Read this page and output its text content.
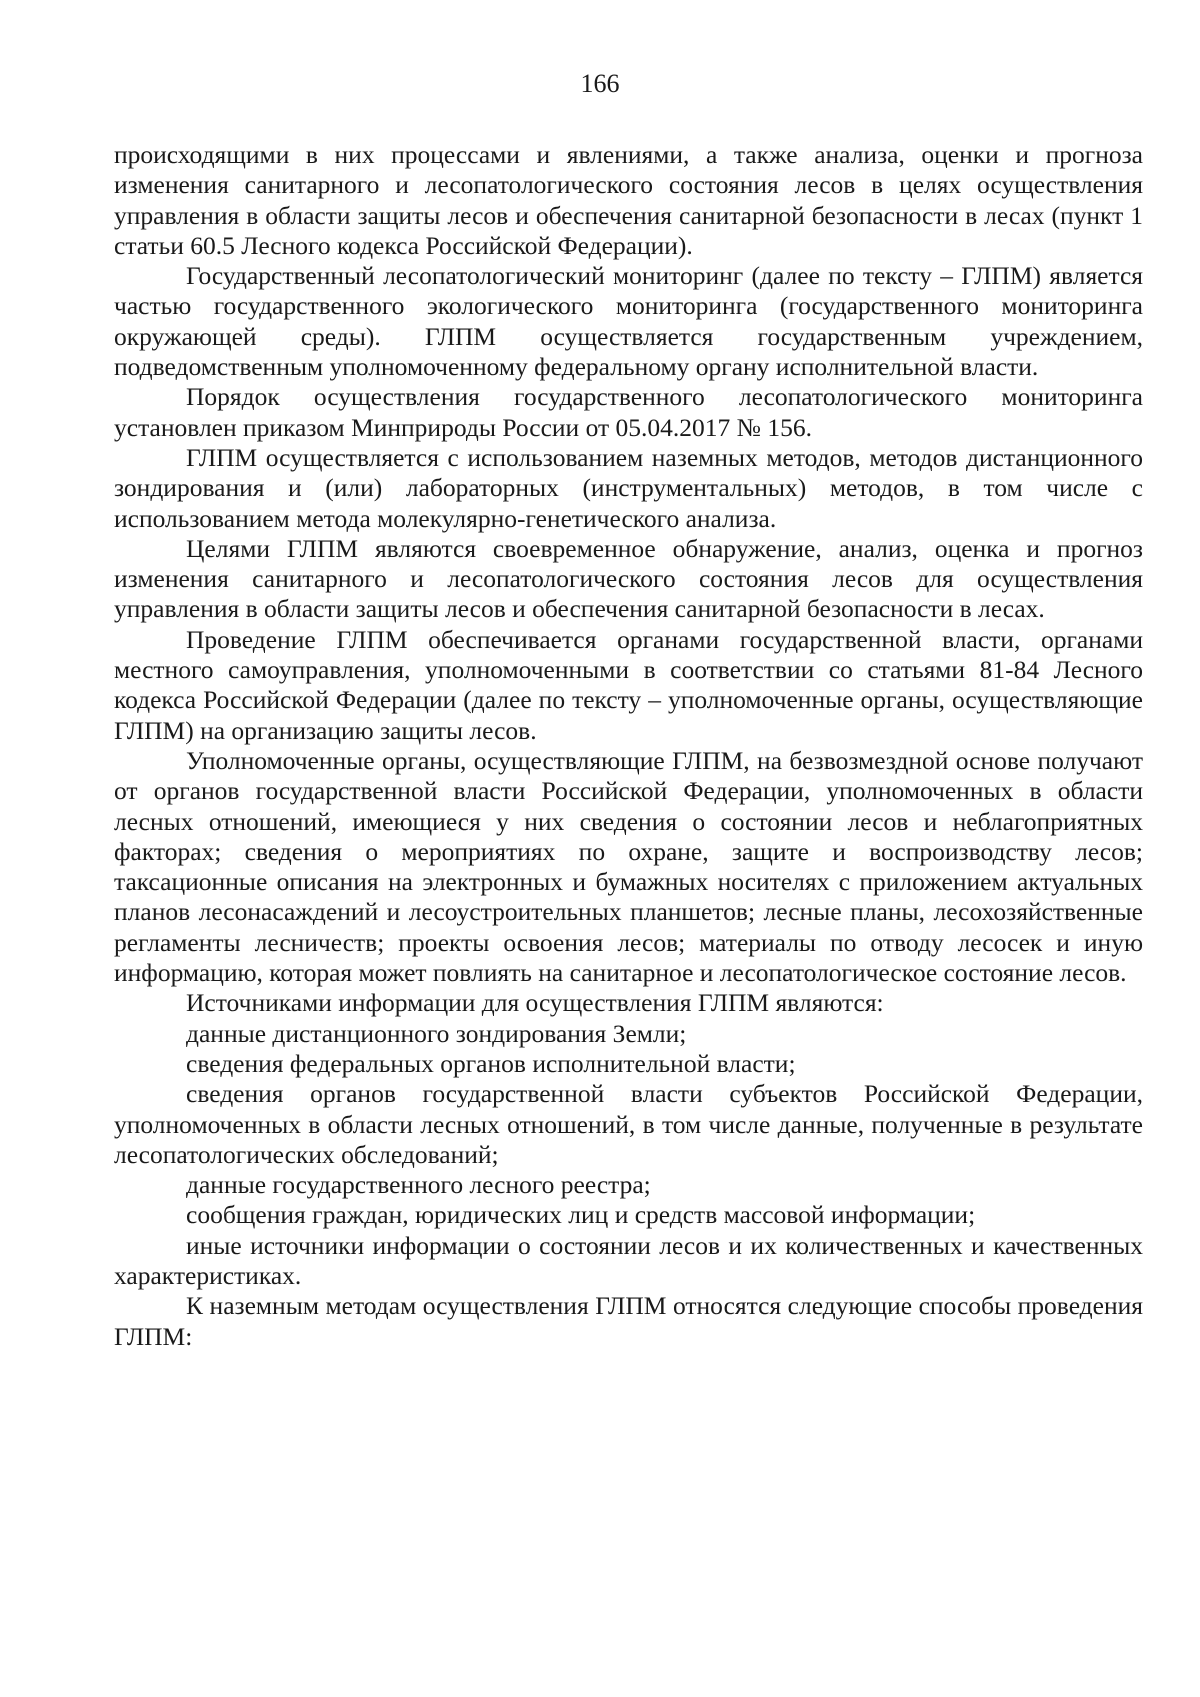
166

происходящими в них процессами и явлениями, а также анализа, оценки и прогноза изменения санитарного и лесопатологического состояния лесов в целях осуществления управления в области защиты лесов и обеспечения санитарной безопасности в лесах (пункт 1 статьи 60.5 Лесного кодекса Российской Федерации).

Государственный лесопатологический мониторинг (далее по тексту – ГЛПМ) является частью государственного экологического мониторинга (государственного мониторинга окружающей среды). ГЛПМ осуществляется государственным учреждением, подведомственным уполномоченному федеральному органу исполнительной власти.

Порядок осуществления государственного лесопатологического мониторинга установлен приказом Минприроды России от 05.04.2017 № 156.

ГЛПМ осуществляется с использованием наземных методов, методов дистанционного зондирования и (или) лабораторных (инструментальных) методов, в том числе с использованием метода молекулярно-генетического анализа.

Целями ГЛПМ являются своевременное обнаружение, анализ, оценка и прогноз изменения санитарного и лесопатологического состояния лесов для осуществления управления в области защиты лесов и обеспечения санитарной безопасности в лесах.

Проведение ГЛПМ обеспечивается органами государственной власти, органами местного самоуправления, уполномоченными в соответствии со статьями 81-84 Лесного кодекса Российской Федерации (далее по тексту – уполномоченные органы, осуществляющие ГЛПМ) на организацию защиты лесов.

Уполномоченные органы, осуществляющие ГЛПМ, на безвозмездной основе получают от органов государственной власти Российской Федерации, уполномоченных в области лесных отношений, имеющиеся у них сведения о состоянии лесов и неблагоприятных факторах; сведения о мероприятиях по охране, защите и воспроизводству лесов; таксационные описания на электронных и бумажных носителях с приложением актуальных планов лесонасаждений и лесоустроительных планшетов; лесные планы, лесохозяйственные регламенты лесничеств; проекты освоения лесов; материалы по отводу лесосек и иную информацию, которая может повлиять на санитарное и лесопатологическое состояние лесов.

Источниками информации для осуществления ГЛПМ являются:

данные дистанционного зондирования Земли;

сведения федеральных органов исполнительной власти;

сведения органов государственной власти субъектов Российской Федерации, уполномоченных в области лесных отношений, в том числе данные, полученные в результате лесопатологических обследований;

данные государственного лесного реестра;

сообщения граждан, юридических лиц и средств массовой информации;

иные источники информации о состоянии лесов и их количественных и качественных характеристиках.

К наземным методам осуществления ГЛПМ относятся следующие способы проведения ГЛПМ:
